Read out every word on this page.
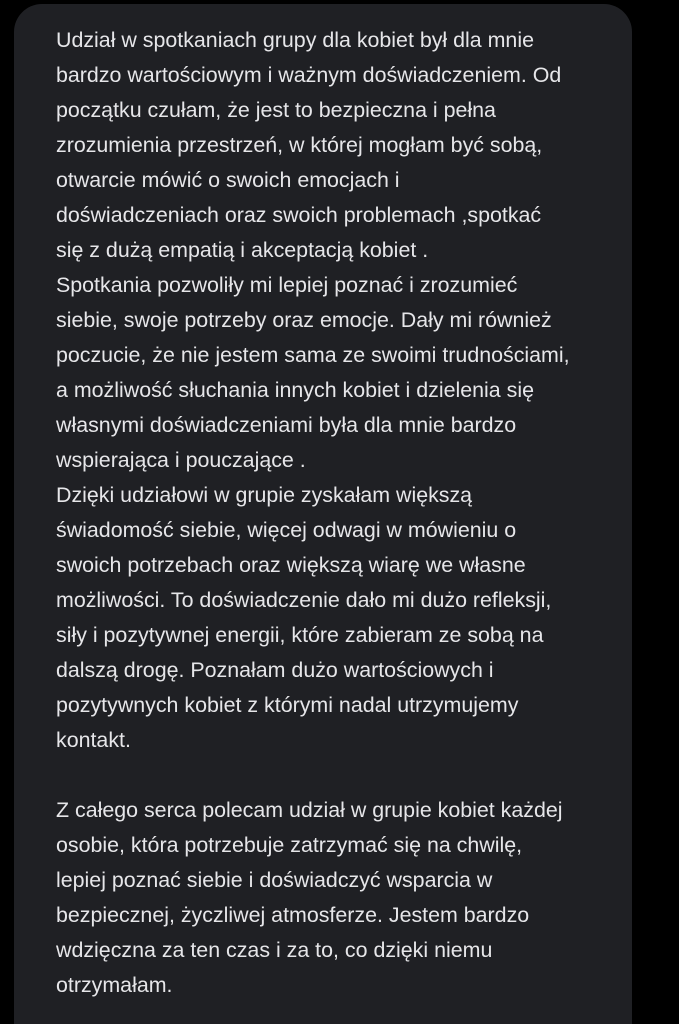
Udział w spotkaniach grupy dla kobiet był dla mnie

bardzo wartościowym i ważnym doświadczeniem. Od

początku czułam, że jest to bezpieczna i pełna

zrozumienia przestrzeń, w której mogłam być sobą,

otwarcie mówić o swoich emocjach i

doświadczeniach oraz swoich problemach ,spotkać

się z dużą empatią i akceptacją kobiet .

Spotkania pozwoliły mi lepiej poznać i zrozumieć

siebie, swoje potrzeby oraz emocje. Dały mi również

poczucie, że nie jestem sama ze swoimi trudnościami,

a możliwość słuchania innych kobiet i dzielenia się

własnymi doświadczeniami była dla mnie bardzo

wspierająca i pouczające .

Dzięki udziałowi w grupie zyskałam większą

świadomość siebie, więcej odwagi w mówieniu o

swoich potrzebach oraz większą wiarę we własne

możliwości. To doświadczenie dało mi dużo refleksji,

siły i pozytywnej energii, które zabieram ze sobą na

dalszą drogę. Poznałam dużo wartościowych i

pozytywnych kobiet z którymi nadal utrzymujemy

kontakt.

Z całego serca polecam udział w grupie kobiet każdej

osobie, która potrzebuje zatrzymać się na chwilę,

lepiej poznać siebie i doświadczyć wsparcia w

bezpiecznej, życzliwej atmosferze. Jestem bardzo

wdzięczna za ten czas i za to, co dzięki niemu

otrzymałam.
